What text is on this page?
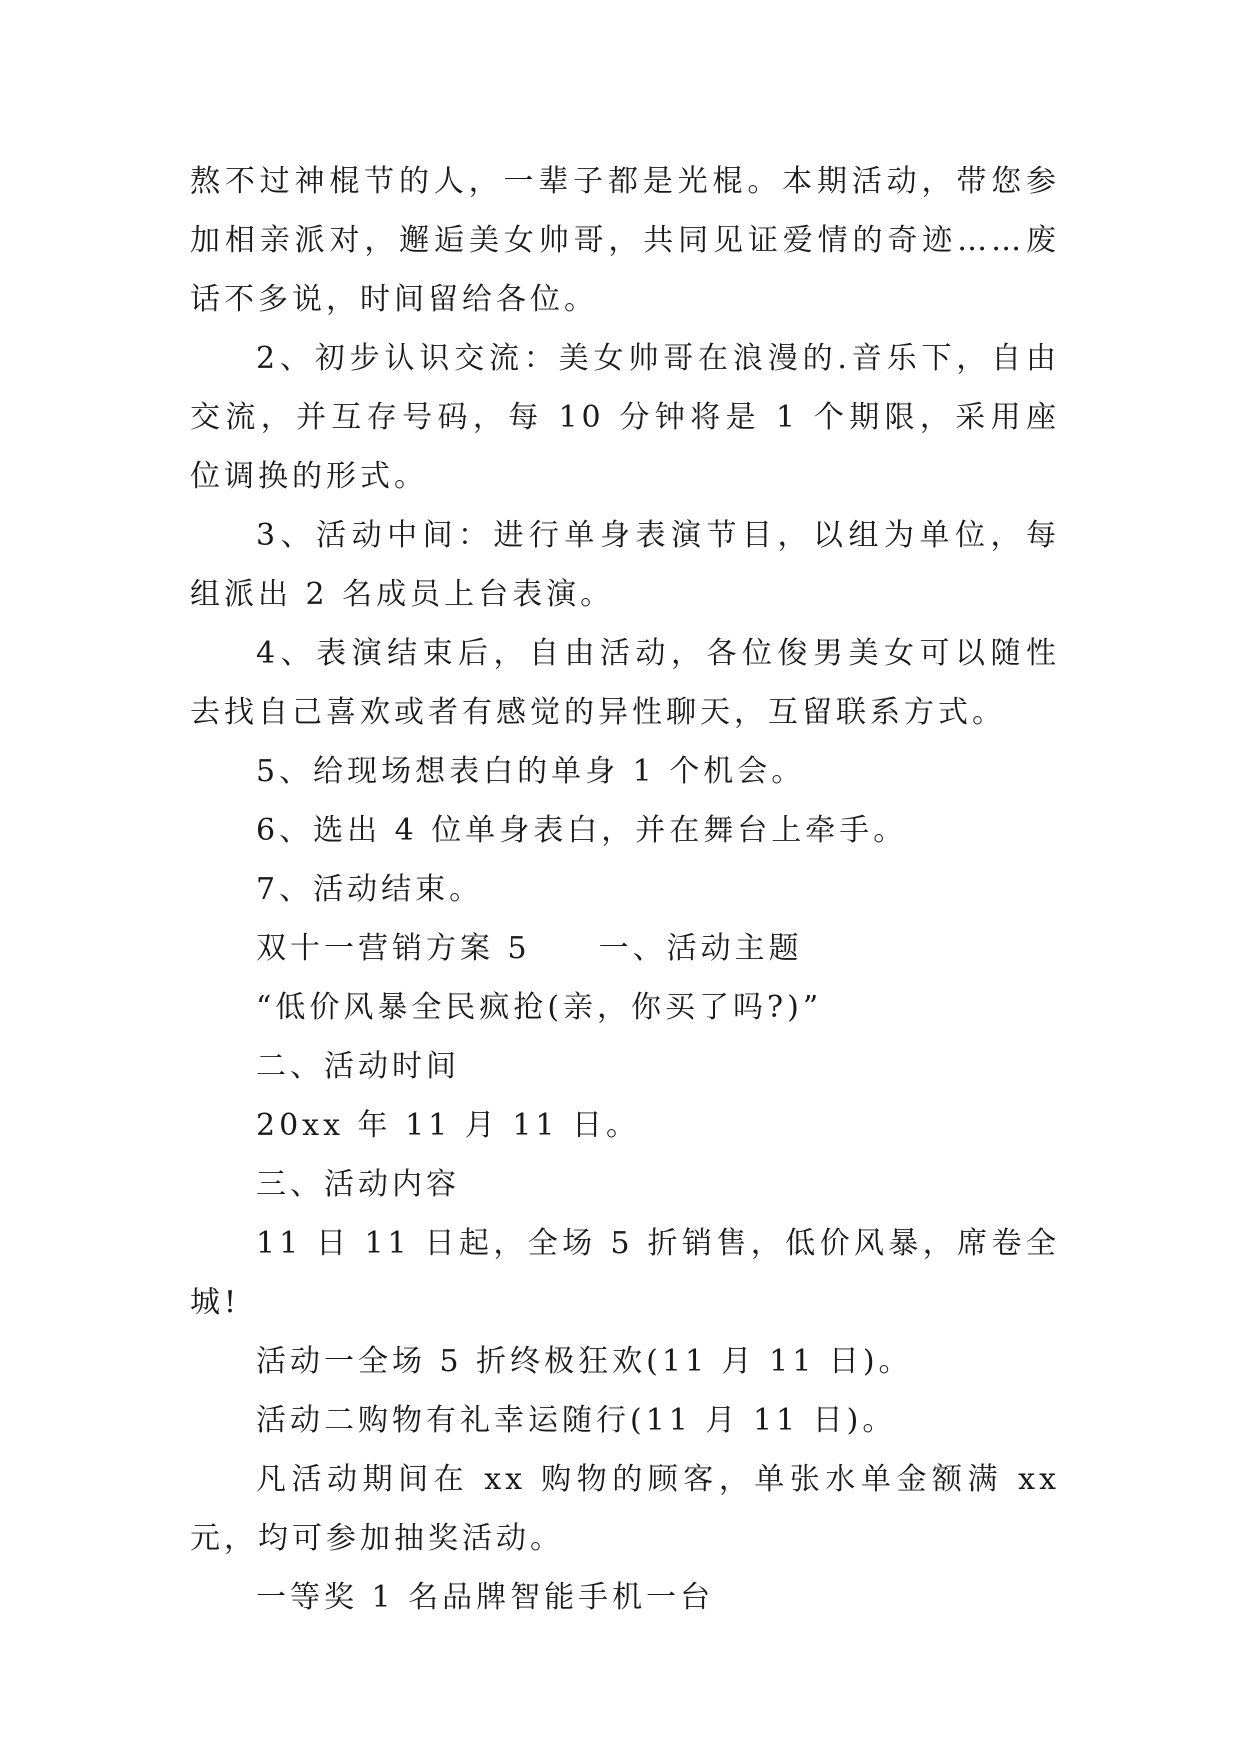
熬不过神棍节的人，一辈子都是光棍。本期活动，带您参加相亲派对，邂逅美女帅哥，共同见证爱情的奇迹……废话不多说，时间留给各位。

2、初步认识交流：美女帅哥在浪漫的.音乐下，自由交流，并互存号码，每 10 分钟将是 1 个期限，采用座位调换的形式。

3、活动中间：进行单身表演节目，以组为单位，每组派出 2 名成员上台表演。

4、表演结束后，自由活动，各位俊男美女可以随性去找自己喜欢或者有感觉的异性聊天，互留联系方式。

5、给现场想表白的单身 1 个机会。

6、选出 4 位单身表白，并在舞台上牵手。

7、活动结束。

双十一营销方案 5 一、活动主题

“低价风暴全民疯抢(亲，你买了吗?)”

二、活动时间

20xx 年 11 月 11 日。

三、活动内容

11 日 11 日起，全场 5 折销售，低价风暴，席卷全城!

活动一全场 5 折终极狂欢(11 月 11 日)。

活动二购物有礼幸运随行(11 月 11 日)。

凡活动期间在 xx 购物的顾客，单张水单金额满 xx 元，均可参加抽奖活动。

一等奖 1 名品牌智能手机一台
